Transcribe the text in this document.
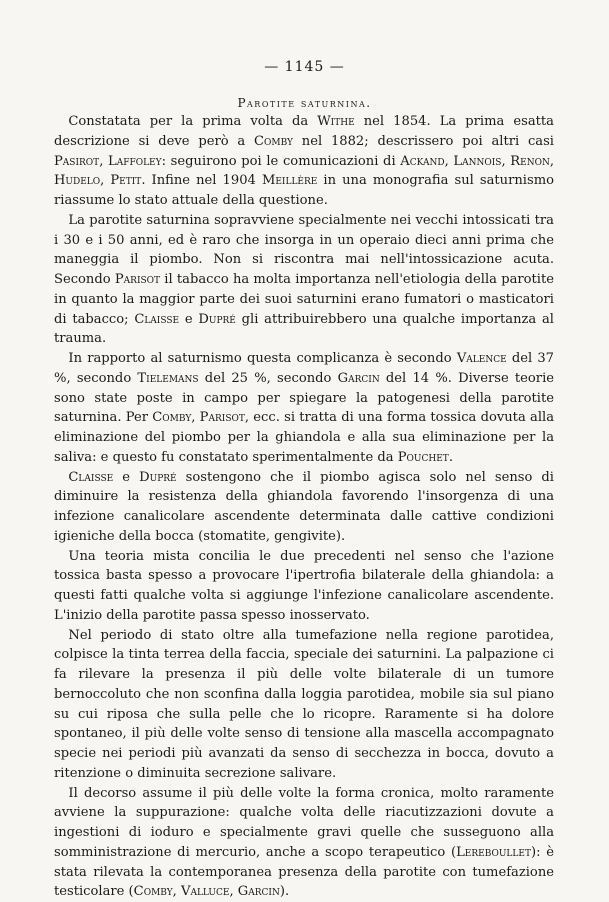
— 1145 —
Parotite saturnina.

Constatata per la prima volta da Withe nel 1854. La prima esatta descrizione si deve però a Comby nel 1882; descrissero poi altri casi Pasirot, Laffoley: seguirono poi le comunicazioni di Ackand, Lannois, Renon, Hudelo, Petit. Infine nel 1904 Meillère in una monografia sul saturnismo riassume lo stato attuale della questione.

La parotite saturnina sopravviene specialmente nei vecchi intossicati tra i 30 e i 50 anni, ed è raro che insorga in un operaio dieci anni prima che maneggia il piombo. Non si riscontra mai nell'intossicazione acuta. Secondo Parisot il tabacco ha molta importanza nell'etiologia della parotite in quanto la maggior parte dei suoi saturnini erano fumatori o masticatori di tabacco; Claisse e Dupré gli attribuirebbero una qualche importanza al trauma.

In rapporto al saturnismo questa complicanza è secondo Valence del 37 %, secondo Tielemans del 25 %, secondo Garcin del 14 %. Diverse teorie sono state poste in campo per spiegare la patogenesi della parotite saturnina. Per Comby, Parisot, ecc. si tratta di una forma tossica dovuta alla eliminazione del piombo per la ghiandola e alla sua eliminazione per la saliva: e questo fu constatato sperimentalmente da Pouchet.

Claisse e Dupré sostengono che il piombo agisca solo nel senso di diminuire la resistenza della ghiandola favorendo l'insorgenza di una infezione canalicolare ascendente determinata dalle cattive condizioni igieniche della bocca (stomatite, gengivite).

Una teoria mista concilia le due precedenti nel senso che l'azione tossica basta spesso a provocare l'ipertrofia bilaterale della ghiandola: a questi fatti qualche volta si aggiunge l'infezione canalicolare ascendente. L'inizio della parotite passa spesso inosservato.

Nel periodo di stato oltre alla tumefazione nella regione parotidea, colpisce la tinta terrea della faccia, speciale dei saturnini. La palpazione ci fa rilevare la presenza il più delle volte bilaterale di un tumore bernoccoluto che non sconfina dalla loggia parotidea, mobile sia sul piano su cui riposa che sulla pelle che lo ricopre. Raramente si ha dolore spontaneo, il più delle volte senso di tensione alla mascella accompagnato specie nei periodi più avanzati da senso di secchezza in bocca, dovuto a ritenzione o diminuita secrezione salivare.

Il decorso assume il più delle volte la forma cronica, molto raramente avviene la suppurazione: qualche volta delle riacutizzazioni dovute a ingestioni di ioduro e specialmente gravi quelle che susseguono alla somministrazione di mercurio, anche a scopo terapeutico (Lereboullet): è stata rilevata la contemporanea presenza della parotite con tumefazione testicolare (Comby, Valluce, Garcin).
